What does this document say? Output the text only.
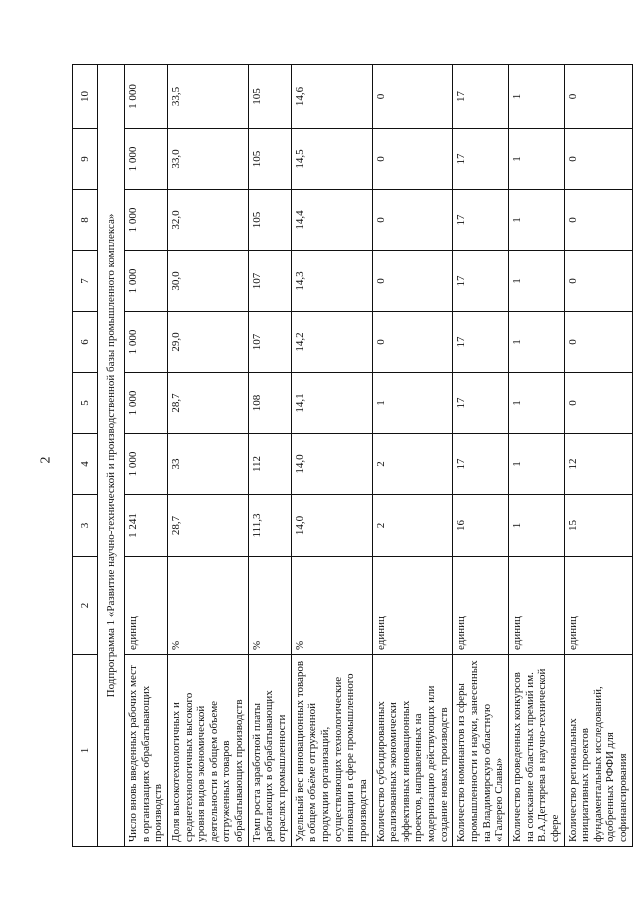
2
1	2	3	4	5	6	7	8	9	10
Подпрограмма 1 «Развитие научно-технической и производственной базы промышленного комплекса»									
Число вновь введенных рабочих мест в организациях обрабатывающих производств	единиц	1 241	1 000	1 000	1 000	1 000	1 000	1 000	1 000
Доля высокотехнологичных и среднетехнологичных высокого уровня видов экономической деятельности в общем объеме отгруженных товаров обрабатывающих производств	%	28,7	33	28,7	29,0	30,0	32,0	33,0	33,5
Темп роста заработной платы работающих в обрабатывающих отраслях промышленности	%	111,3	112	108	107	107	105	105	105
Удельный вес инновационных товаров в общем объёме отгруженной продукции организаций, осуществляющих технологические инновации в сфере промышленного производства	%	14,0	14,0	14,1	14,2	14,3	14,4	14,5	14,6
Количество субсидированных реализованных экономически эффективных инновационных проектов, направленных на модернизацию действующих или создание новых производств	единиц	2	2	1	0	0	0	0	0
Количество номинантов из сферы промышленности и науки, занесенных на Владимирскую областную «Галерею Славы»	единиц	16	17	17	17	17	17	17	17
Количество проведенных конкурсов на соискание областных премий им. В.А.Дегтярева в научно-технической сфере	единиц	1	1	1	1	1	1	1	1
Количество региональных инициативных проектов фундаментальных исследований, одобренных РФФИ для софинансирования	единиц	15	12	0	0	0	0	0	0
